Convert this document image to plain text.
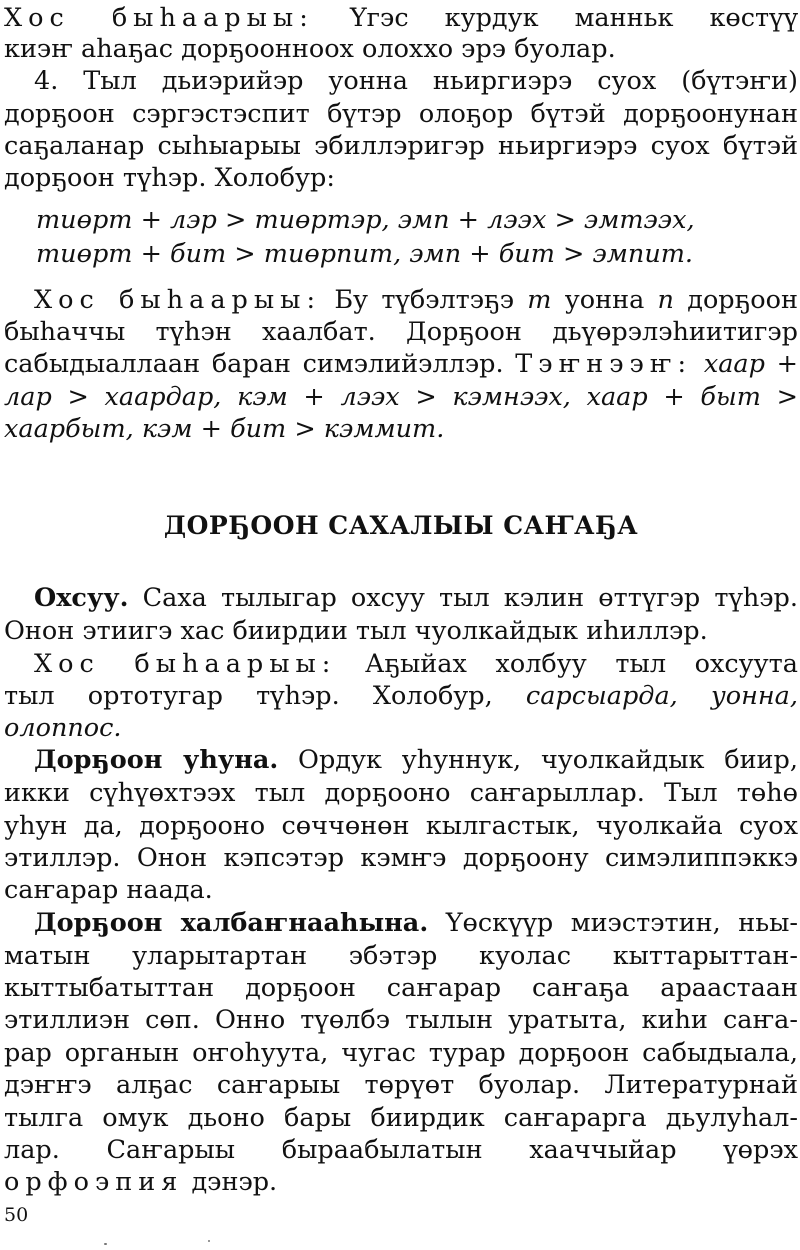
Хос быhаарыы: Үгэс курдук манньк көстүү
киэҥ аhаҕас дорҕоонноох олоххо эрэ буолар.
4. Тыл дьиэрийэр уонна ньиргиэрэ суох (бүтэҥи)
дорҕоон сэргэстэспит бүтэр олоҕор бүтэй дорҕоонунан
саҕаланар сыhыарыы эбиллэригэр ньиргиэрэ суох бүтэй
дорҕоон түhэр. Холобур:
тиөрт + лэр > тиөртэр, эмп + лээх > эмтээх,
тиөрт + биm > тиөрпиm, эмп + бит > эмпит.
Хос быhаарыы: Бу түбэлтэҕэ т уонна п дорҕоон
быhаччы түhэн хаалбат. Дорҕоон дьүөрэлэhиитигэр
сабыдыаллаан баран симэлийэллэр. Тэҥнээҥ: хаар +
лар > хаардар, кэм + лээх > кэмнээх, хаар + быт >
хаарбыт, кэм + бит > кэммит.
ДОРҔООН САХАЛЫЫ САҤАҔА
Охсуу. Саха тылыгар охсуу тыл кэлин өттүгэр түhэр.
Онон этиигэ хас биирдии тыл чуолкайдык иhиллэр.
Хос быhаарыы: Аҕыйах холбуу тыл охсуута
тыл ортотугар түhэр. Холобур, сарсыарда, уонна,
олоппос.
Дорҕоон уhуна. Ордук уhуннук, чуолкайдык биир,
икки сүhүөхтээх тыл дорҕооно саҥарыллар. Тыл төhө
уhун да, дорҕооно сөччөнөн кылгастык, чуолкайа суох
этиллэр. Онон кэпсэтэр кэмҥэ дорҕоону симэлиппэккэ
саҥарар наада.
Дорҕоон халбаҥнааhына. Үөскүүр миэстэтин, ньы-
матын уларытартан эбэтэр куолас кыттарыттан-
кыттыбатыттан дорҕоон саҥарар саҥаҕа араастаан
этиллиэн сөп. Онно түөлбэ тылын уратыта, киhи саҥа-
рар органын оҥоhуута, чугас турар дорҕоон сабыдыала,
дэҥҥэ алҕас саҥарыы төрүөт буолар. Литературнай
тылга омук дьоно бары биирдик саҥараргa дьулуhал-
лар. Саҥарыы быраабылатын хааччыйар үөрэх
орфоэпия дэнэр.
50
